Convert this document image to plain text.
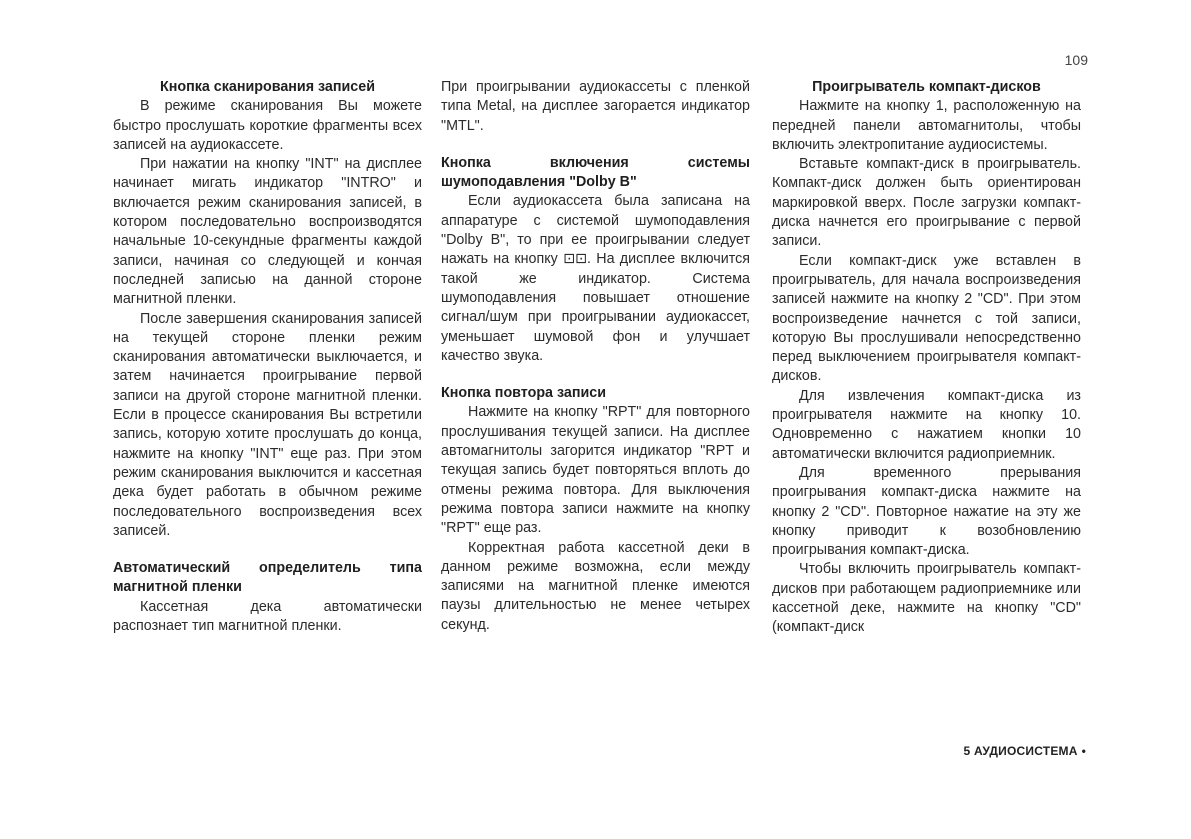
109
Кнопка сканирования записей

В режиме сканирования Вы можете быстро прослушать короткие фрагменты всех записей на аудиокассете.

При нажатии на кнопку "INT" на дисплее начинает мигать индикатор "INTRO" и включается режим сканирования записей, в котором последовательно воспроизводятся начальные 10-секундные фрагменты каждой записи, начиная со следующей и кончая последней записью на данной стороне магнитной пленки.

После завершения сканирования записей на текущей стороне пленки режим сканирования автоматически выключается, и затем начинается проигрывание первой записи на другой стороне магнитной пленки. Если в процессе сканирования Вы встретили запись, которую хотите прослушать до конца, нажмите на кнопку "INT" еще раз. При этом режим сканирования выключится и кассетная дека будет работать в обычном режиме последовательного воспроизведения всех записей.

Автоматический определитель типа магнитной пленки

Кассетная дека автоматически распознает тип магнитной пленки.

При проигрывании аудиокассеты с пленкой типа Metal, на дисплее загорается индикатор "MTL".

Кнопка включения системы шумоподавления "Dolby B"

Если аудиокассета была записана на аппаратуре с системой шумоподавления "Dolby B", то при ее проигрывании следует нажать на кнопку ⊡⊡. На дисплее включится такой же индикатор. Система шумоподавления повышает отношение сигнал/шум при проигрывании аудиокассет, уменьшает шумовой фон и улучшает качество звука.

Кнопка повтора записи

Нажмите на кнопку "RPT" для повторного прослушивания текущей записи. На дисплее автомагнитолы загорится индикатор "RPT и текущая запись будет повторяться вплоть до отмены режима повтора. Для выключения режима повтора записи нажмите на кнопку "RPT" еще раз.

Корректная работа кассетной деки в данном режиме возможна, если между записями на магнитной пленке имеются паузы длительностью не менее четырех секунд.

Проигрыватель компакт-дисков

Нажмите на кнопку 1, расположенную на передней панели автомагнитолы, чтобы включить электропитание аудиосистемы.

Вставьте компакт-диск в проигрыватель. Компакт-диск должен быть ориентирован маркировкой вверх. После загрузки компакт-диска начнется его проигрывание с первой записи.

Если компакт-диск уже вставлен в проигрыватель, для начала воспроизведения записей нажмите на кнопку 2 "CD". При этом воспроизведение начнется с той записи, которую Вы прослушивали непосредственно перед выключением проигрывателя компакт-дисков.

Для извлечения компакт-диска из проигрывателя нажмите на кнопку 10. Одновременно с нажатием кнопки 10 автоматически включится радиоприемник.

Для временного прерывания проигрывания компакт-диска нажмите на кнопку 2 "CD". Повторное нажатие на эту же кнопку приводит к возобновлению проигрывания компакт-диска.

Чтобы включить проигрыватель компакт-дисков при работающем радиоприемнике или кассетной деке, нажмите на кнопку "CD" (компакт-диск

5 АУДИОСИСТЕМА •
